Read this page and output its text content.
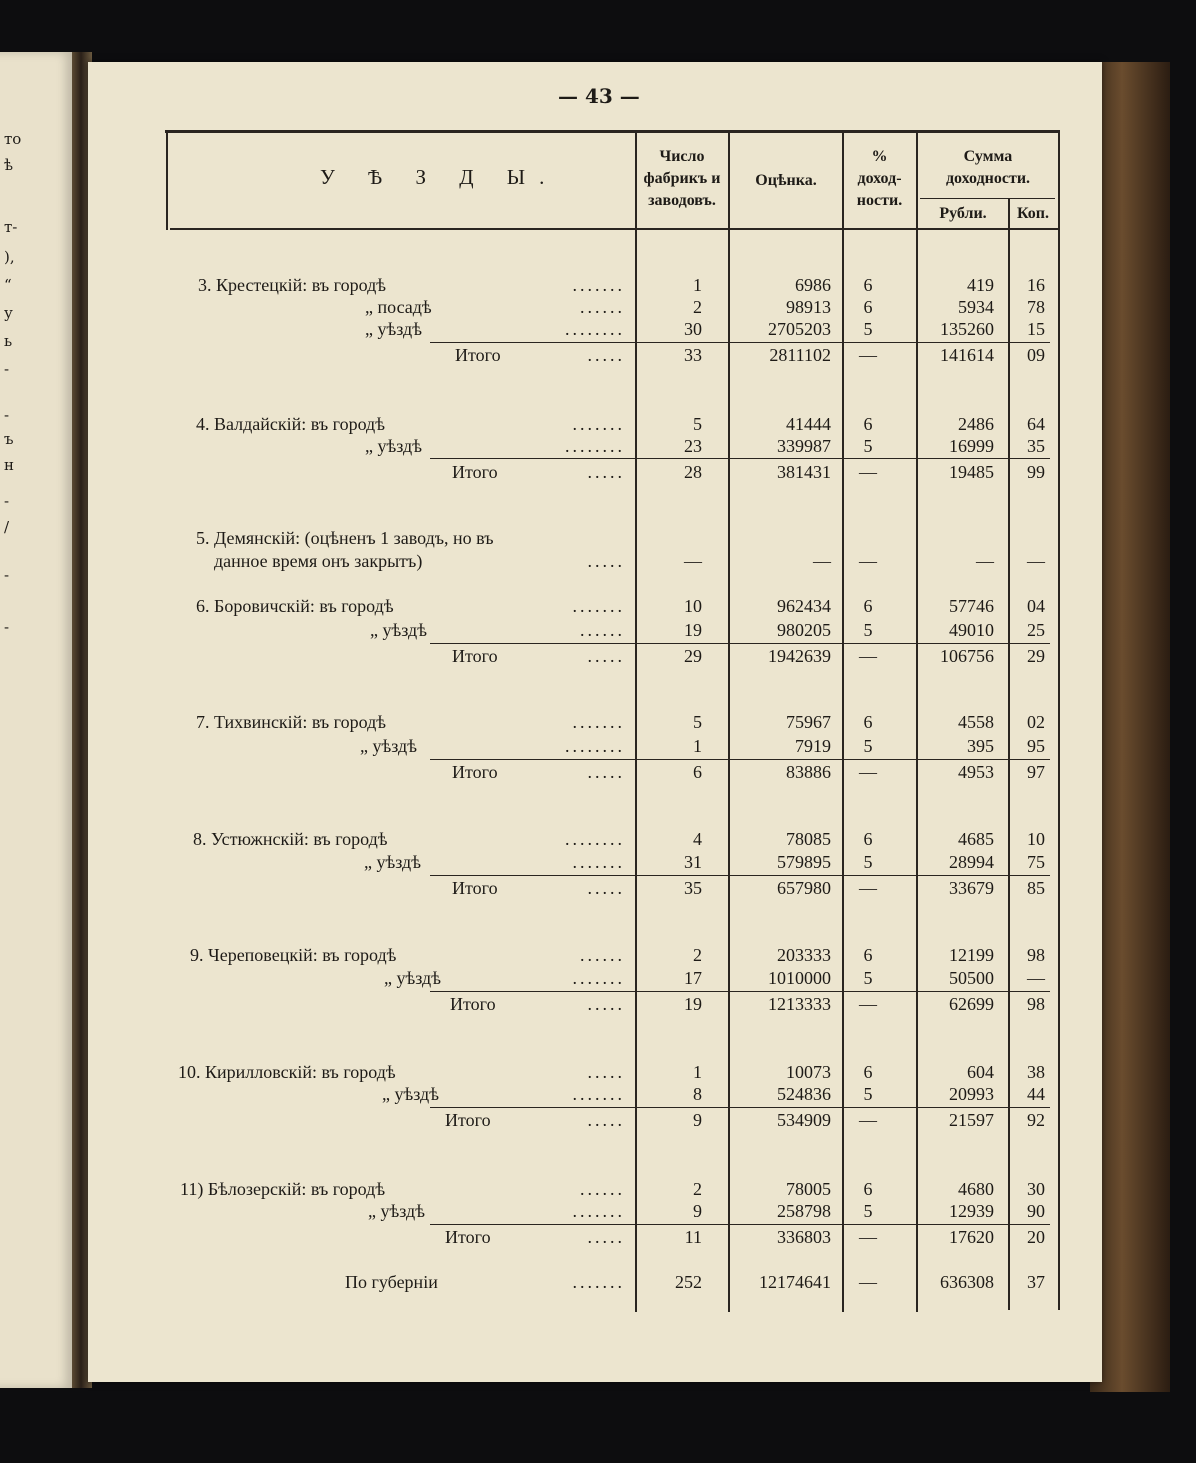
то
ѣ
т-
),
“
у
ь
-
-
ъ
н
-
/
-
-
— 43 —
У Ѣ З Д Ы.
Число
фабрикъ и
заводовъ.
Оцѣнка.
%
доход-
ности.
Сумма
доходности.
Рубли.	Коп.
3. Крестецкій: въ городѣ	.......	1	6986	6	419	16
„ посадѣ	......	2	98913	6	5934	78
„ уѣздѣ	........	30	2705203	5	135260	15
Итого	.....	33	2811102	—	141614	09
4. Валдайскій: въ городѣ	.......	5	41444	6	2486	64
„ уѣздѣ	........	23	339987	5	16999	35
Итого	.....	28	381431	—	19485	99
5. Демянскій: (оцѣненъ 1 заводъ, но въ
данное время онъ закрытъ)	.....	—	—	—	—	—
6. Боровичскій: въ городѣ	.......	10	962434	6	57746	04
„ уѣздѣ	......	19	980205	5	49010	25
Итого	.....	29	1942639	—	106756	29
7. Тихвинскій: въ городѣ	.......	5	75967	6	4558	02
„ уѣздѣ	........	1	7919	5	395	95
Итого	.....	6	83886	—	4953	97
8. Устюжнскій: въ городѣ	........	4	78085	6	4685	10
„ уѣздѣ	.......	31	579895	5	28994	75
Итого	.....	35	657980	—	33679	85
9. Череповецкій: въ городѣ	......	2	203333	6	12199	98
„ уѣздѣ	.......	17	1010000	5	50500	—
Итого	.....	19	1213333	—	62699	98
10. Кирилловскій: въ городѣ	.....	1	10073	6	604	38
„ уѣздѣ	.......	8	524836	5	20993	44
Итого	.....	9	534909	—	21597	92
11) Бѣлозерскій: въ городѣ	......	2	78005	6	4680	30
„ уѣздѣ	.......	9	258798	5	12939	90
Итого	.....	11	336803	—	17620	20
По губерніи	.......	252	12174641	—	636308	37
